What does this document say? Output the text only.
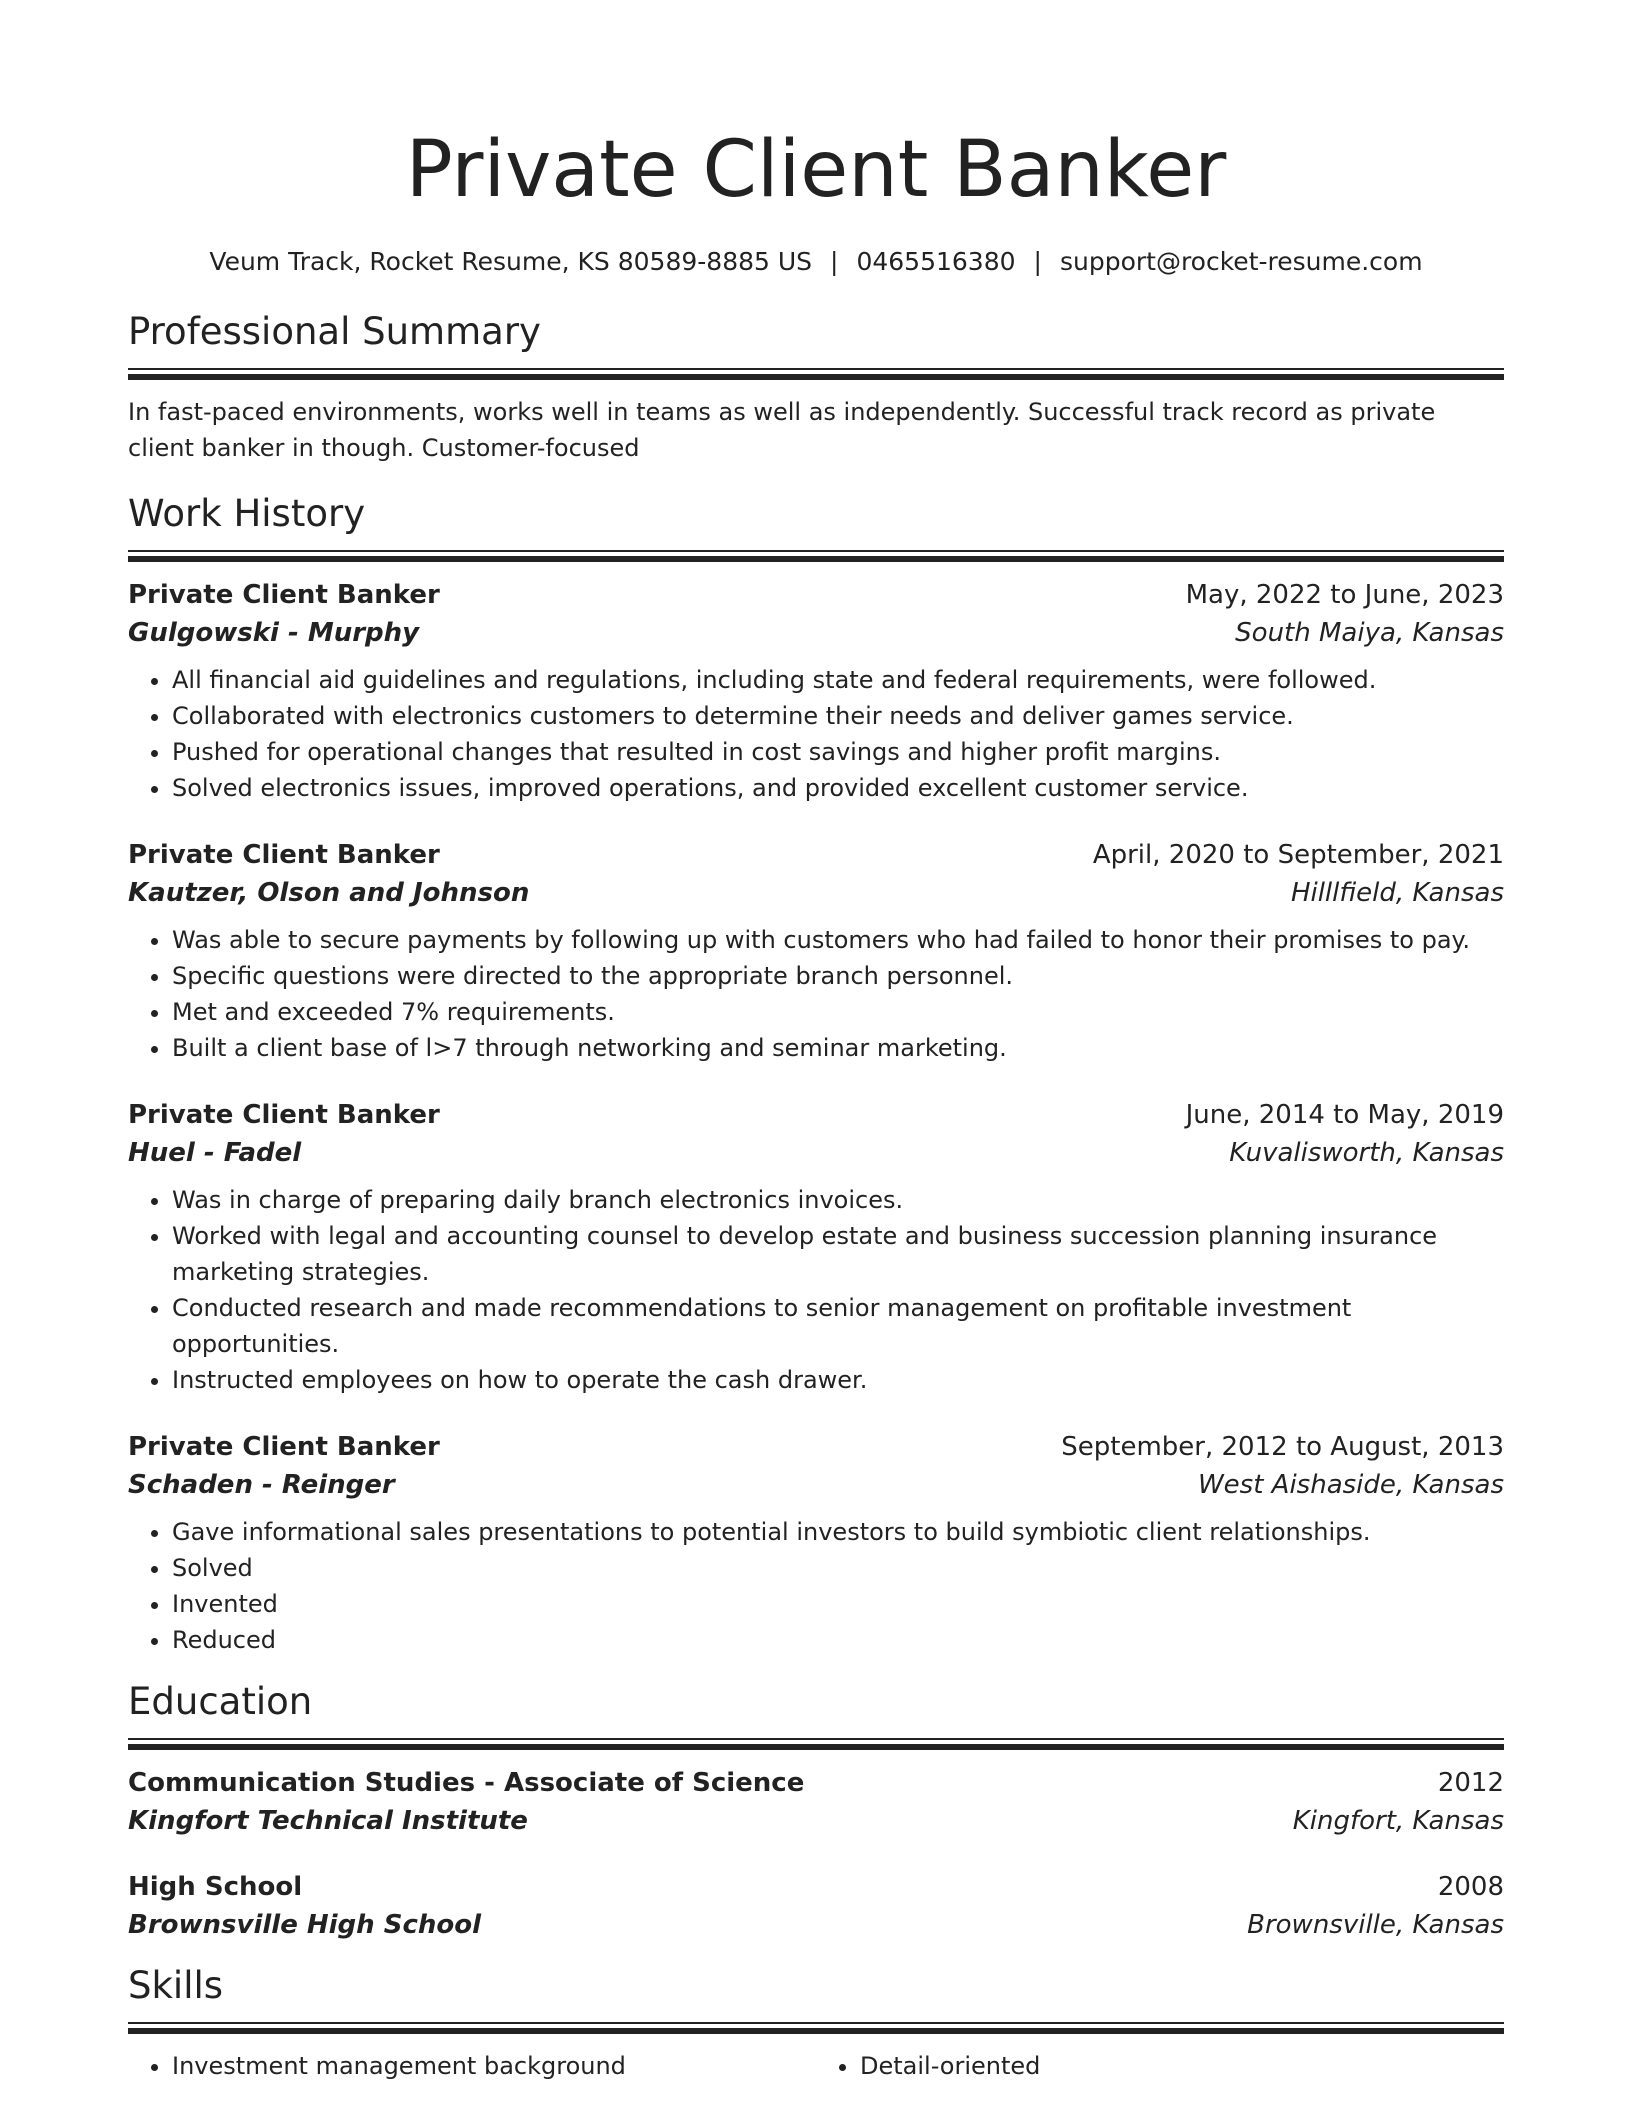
Private Client Banker
Veum Track, Rocket Resume, KS 80589-8885 US | 0465516380 | support@rocket-resume.com
Professional Summary

In fast-paced environments, works well in teams as well as independently. Successful track record as private client banker in though. Customer-focused

Work History
Private Client Banker	May, 2022 to June, 2023
Gulgowski - Murphy	South Maiya, Kansas
• All financial aid guidelines and regulations, including state and federal requirements, were followed.
• Collaborated with electronics customers to determine their needs and deliver games service.
• Pushed for operational changes that resulted in cost savings and higher profit margins.
• Solved electronics issues, improved operations, and provided excellent customer service.
Private Client Banker	April, 2020 to September, 2021
Kautzer, Olson and Johnson	Hilllfield, Kansas
• Was able to secure payments by following up with customers who had failed to honor their promises to pay.
• Specific questions were directed to the appropriate branch personnel.
• Met and exceeded 7% requirements.
• Built a client base of l>7 through networking and seminar marketing.
Private Client Banker	June, 2014 to May, 2019
Huel - Fadel	Kuvalisworth, Kansas
• Was in charge of preparing daily branch electronics invoices.
• Worked with legal and accounting counsel to develop estate and business succession planning insurance marketing strategies.
• Conducted research and made recommendations to senior management on profitable investment opportunities.
• Instructed employees on how to operate the cash drawer.
Private Client Banker	September, 2012 to August, 2013
Schaden - Reinger	West Aishaside, Kansas
• Gave informational sales presentations to potential investors to build symbiotic client relationships.
• Solved
• Invented
• Reduced
Education
Communication Studies - Associate of Science	2012
Kingfort Technical Institute	Kingfort, Kansas
High School	2008
Brownsville High School	Brownsville, Kansas
Skills
• Investment management background
•	Detail-oriented
